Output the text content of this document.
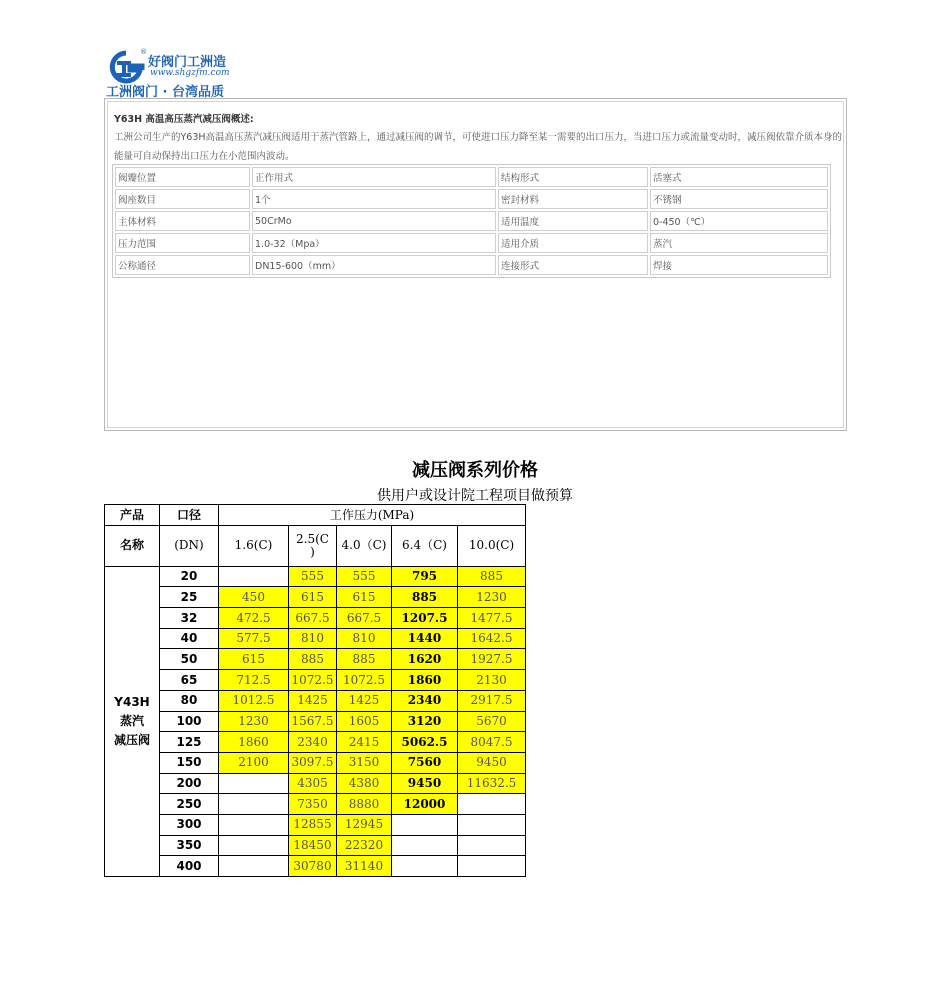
®
好阀门工洲造
www.shgzfm.com
工洲阀门 · 台湾品质
Y63H 高温高压蒸汽减压阀概述:
工洲公司生产的Y63H高温高压蒸汽减压阀适用于蒸汽管路上，通过减压阀的调节，可使进口压力降至某一需要的出口压力，当进口压力或流量变动时，减压阀依靠介质本身的能量可自动保持出口压力在小范围内波动。
阀瓣位置	正作用式	结构形式	活塞式
阀座数目	1个	密封材料	不锈钢
主体材料	50CrMo	适用温度	0-450（℃）
压力范围	1.0-32（Mpa）	适用介质	蒸汽
公称通径	DN15-600（mm）	连接形式	焊接
减压阀系列价格
供用户或设计院工程项目做预算
产品	口径	工作压力(MPa)				
名称	(DN)	1.6(C)	2.5(C
)	4.0（C)	6.4（C)	10.0(C)
Y43H
蒸汽
减压阀	20		555	555	795	885
	25	450	615	615	885	1230
	32	472.5	667.5	667.5	1207.5	1477.5
	40	577.5	810	810	1440	1642.5
	50	615	885	885	1620	1927.5
	65	712.5	1072.5	1072.5	1860	2130
	80	1012.5	1425	1425	2340	2917.5
	100	1230	1567.5	1605	3120	5670
	125	1860	2340	2415	5062.5	8047.5
	150	2100	3097.5	3150	7560	9450
	200		4305	4380	9450	11632.5
	250		7350	8880	12000	
	300		12855	12945		
	350		18450	22320		
	400		30780	31140		
